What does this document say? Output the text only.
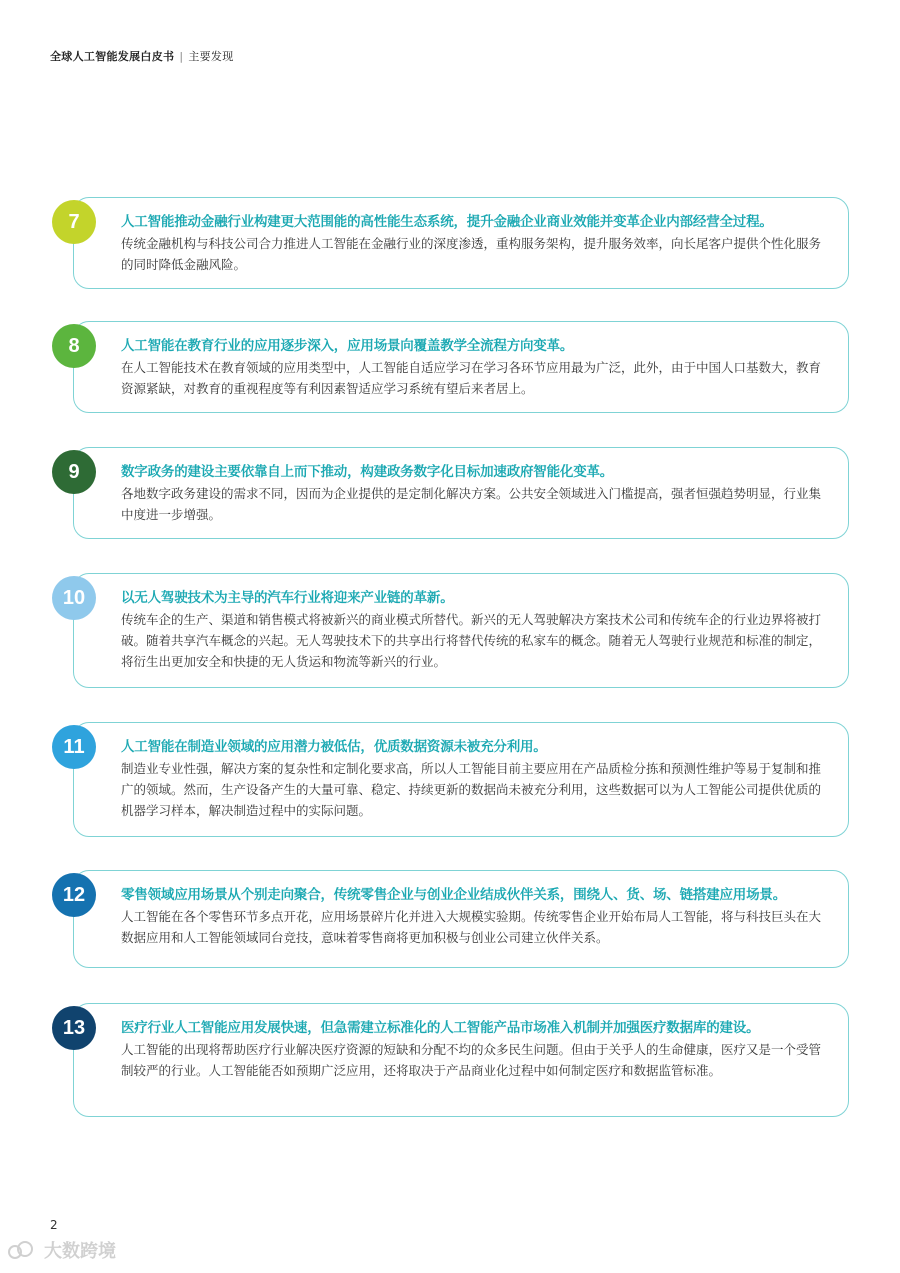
全球人工智能发展白皮书 | 主要发现
7	人工智能推动金融行业构建更大范围能的高性能生态系统，提升金融企业商业效能并变革企业内部经营全过程。
传统金融机构与科技公司合力推进人工智能在金融行业的深度渗透，重构服务架构，提升服务效率，向长尾客户提供个性化服务的同时降低金融风险。
8	人工智能在教育行业的应用逐步深入，应用场景向覆盖教学全流程方向变革。
在人工智能技术在教育领域的应用类型中，人工智能自适应学习在学习各环节应用最为广泛，此外，由于中国人口基数大，教育资源紧缺，对教育的重视程度等有利因素智适应学习系统有望后来者居上。
9	数字政务的建设主要依靠自上而下推动，构建政务数字化目标加速政府智能化变革。
各地数字政务建设的需求不同，因而为企业提供的是定制化解决方案。公共安全领域进入门槛提高，强者恒强趋势明显，行业集中度进一步增强。
10	以无人驾驶技术为主导的汽车行业将迎来产业链的革新。
传统车企的生产、渠道和销售模式将被新兴的商业模式所替代。新兴的无人驾驶解决方案技术公司和传统车企的行业边界将被打破。随着共享汽车概念的兴起。无人驾驶技术下的共享出行将替代传统的私家车的概念。随着无人驾驶行业规范和标准的制定，将衍生出更加安全和快捷的无人货运和物流等新兴的行业。
11	人工智能在制造业领域的应用潜力被低估，优质数据资源未被充分利用。
制造业专业性强，解决方案的复杂性和定制化要求高，所以人工智能目前主要应用在产品质检分拣和预测性维护等易于复制和推广的领域。然而，生产设备产生的大量可靠、稳定、持续更新的数据尚未被充分利用，这些数据可以为人工智能公司提供优质的机器学习样本，解决制造过程中的实际问题。
12	零售领域应用场景从个别走向聚合，传统零售企业与创业企业结成伙伴关系，围绕人、货、场、链搭建应用场景。
人工智能在各个零售环节多点开花，应用场景碎片化并进入大规模实验期。传统零售企业开始布局人工智能，将与科技巨头在大数据应用和人工智能领域同台竞技，意味着零售商将更加积极与创业公司建立伙伴关系。
13	医疗行业人工智能应用发展快速，但急需建立标准化的人工智能产品市场准入机制并加强医疗数据库的建设。
人工智能的出现将帮助医疗行业解决医疗资源的短缺和分配不均的众多民生问题。但由于关乎人的生命健康，医疗又是一个受管制较严的行业。人工智能能否如预期广泛应用，还将取决于产品商业化过程中如何制定医疗和数据监管标准。
2
大数跨境
